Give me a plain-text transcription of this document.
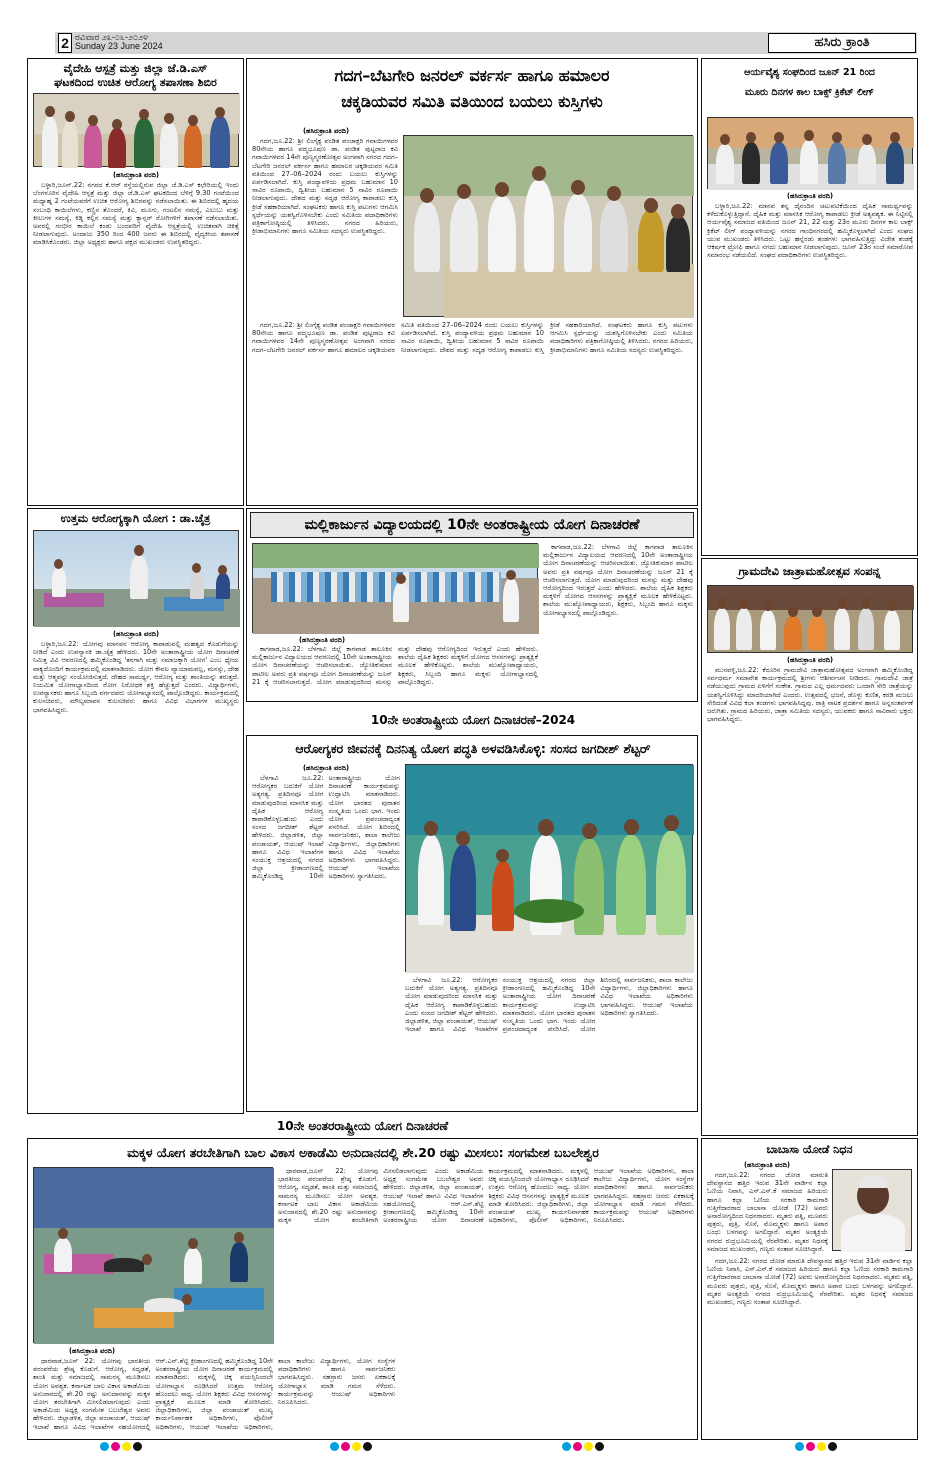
2 ರವಿವಾರ ೨೩-೦೬-೨೦೨೪
Sunday 23 June 2024	ಹಸಿರು ಕ್ರಾಂತಿ
ವೈದೇಹಿ ಆಸ್ಪತ್ರೆ ಮತ್ತು ಜಿಲ್ಲಾ ಜೆ.ಡಿ.ಎಸ್
ಘಟಕದಿಂದ ಉಚಿತ ಆರೋಗ್ಯ ತಪಾಸಣಾ ಶಿಬಿರ
(ಹಸಿರುಕ್ರಾಂತಿ ವರದಿ)

ಬಳ್ಳಾರಿ,ಜೂನ್.22: ನಗರದ ಕೆ.ಆರ್ ರಸ್ತೆಯಲ್ಲಿರುವ ಜಿಲ್ಲಾ ಜೆ.ಡಿ.ಎಸ್ ಕಛೇರಿಯಲ್ಲಿ ಇಂದು ಬೆಂಗಳೂರಿನ ವೈದೇಹಿ ಆಸ್ಪತ್ರೆ ಮತ್ತು ಜಿಲ್ಲಾ ಜೆ.ಡಿ.ಎಸ್ ಘಟಕದಿಂದ ಬೆಳಿಗ್ಗೆ 9.30 ಗಂಟೆಯಿಂದ ಮಧ್ಯಾಹ್ನ 2 ಗಂಟೆಯವರೆಗೆ ಉಚಿತ ಆರೋಗ್ಯ ಶಿಬಿರವನ್ನು ನಡೆಸಲಾಯಿತು. ಈ ಶಿಬಿರದಲ್ಲಿ ಹೃದಯ ಸಂಬಂಧಿ ಕಾಯಿಲೆಗಳು, ಕಣ್ಣಿನ ತೊಂದರೆ, ಕಿವಿ, ಮೂಗು, ಗಂಟಲಿನ ಸಮಸ್ಯೆ, ಎಲುಬು ಮತ್ತು ಕೀಲುಗಳ ಸಮಸ್ಯೆ, ಕಿಡ್ನಿ ಕಲ್ಲಿನ ಸಮಸ್ಯೆ ಮತ್ತು ಕ್ಯಾನ್ಸರ್ ರೋಗಿಗಳಿಗೆ ತಪಾಸಣೆ ನಡೆಸಲಾಯಿತು. ಅವರಲ್ಲಿ ಗಂಭೀರ ಕಾಯಿಲೆ ಕಂಡು ಬಂದವರಿಗೆ ವೈದೇಹಿ ಆಸ್ಪತ್ರೆಯಲ್ಲಿ ಉಚಿತವಾಗಿ ಚಿಕಿತ್ಸೆ ನೀಡಲಾಗುವುದು. ಅಂದಾಜು 350 ರಿಂದ 400 ಜನರು ಈ ಶಿಬಿರದಲ್ಲಿ ವೈದ್ಯಕೀಯ ತಪಾಸಣೆ ಮಾಡಿಸಿಕೊಂಡರು. ಜಿಲ್ಲಾ ಅಧ್ಯಕ್ಷರು ಹಾಗೂ ಪಕ್ಷದ ಮುಖಂಡರು ಉಪಸ್ಥಿತರಿದ್ದರು.

ಉತ್ತಮ ಆರೋಗ್ಯಕ್ಕಾಗಿ ಯೋಗ : ಡಾ.ಚೈತ್ರ
(ಹಸಿರುಕ್ರಾಂತಿ ವರದಿ)

ಬಳ್ಳಾರಿ,ಜೂ.22: ಯೋಗವು ಮಾನವನ ಆರೋಗ್ಯ ಕಾಪಾಡುವಲ್ಲಿ ಮಹತ್ವದ ಕೊಡುಗೆಯನ್ನು ನೀಡಿದೆ ಎಂದು ಉಪನ್ಯಾಸಕಿ ಡಾ.ಚೈತ್ರ ಹೇಳಿದರು. 10ನೇ ಅಂತಾರಾಷ್ಟ್ರೀಯ ಯೋಗ ದಿನಾಚರಣೆ ನಿಮಿತ್ತ ವಿವಿ ಆವರಣದಲ್ಲಿ ಹಮ್ಮಿಕೊಂಡಿದ್ದ 'ತನಗಾಗಿ ಮತ್ತು ಸಮಾಜಕ್ಕಾಗಿ ಯೋಗ' ಎಂಬ ಧ್ಯೇಯ ವಾಕ್ಯದೊಂದಿಗೆ ಕಾರ್ಯಕ್ರಮದಲ್ಲಿ ಮಾತನಾಡಿದರು. ಯೋಗ ಕೇವಲ ವ್ಯಾಯಾಮವಲ್ಲ, ಮನಸ್ಸು, ದೇಹ ಮತ್ತು ಆತ್ಮವನ್ನು ಸಂಯೋಜಿಸುತ್ತದೆ. ದೇಹದ ಸಾಮರ್ಥ್ಯ, ಆರೋಗ್ಯ ಮತ್ತು ಶಾಂತಿಯನ್ನು ತರುತ್ತದೆ. ನಿಯಮಿತ ಯೋಗಾಭ್ಯಾಸದಿಂದ ರೋಗ ನಿರೋಧಕ ಶಕ್ತಿ ಹೆಚ್ಚುತ್ತದೆ ಎಂದರು. ವಿದ್ಯಾರ್ಥಿಗಳು, ಉಪನ್ಯಾಸಕರು ಹಾಗೂ ಸಿಬ್ಬಂದಿ ವರ್ಗದವರು ಯೋಗಾಭ್ಯಾಸದಲ್ಲಿ ಪಾಲ್ಗೊಂಡಿದ್ದರು. ಕಾರ್ಯಕ್ರಮದಲ್ಲಿ ಕುಲಸಚಿವರು, ಮೌಲ್ಯಮಾಪನ ಕುಲಸಚಿವರು ಹಾಗೂ ವಿವಿಧ ವಿಭಾಗಗಳ ಮುಖ್ಯಸ್ಥರು ಭಾಗವಹಿಸಿದ್ದರು.

ಗದಗ–ಬೆಟಗೇರಿ ಜನರಲ್ ವರ್ಕರ್ಸ ಹಾಗೂ ಹಮಾಲರ
ಚಕ್ಕಡಿಯವರ ಸಮಿತಿ ವತಿಯಿಂದ ಬಯಲು ಕುಸ್ತಿಗಳು
(ಹಸಿರುಕ್ರಾಂತಿ ವರದಿ)

ಗದಗ,ಜೂ.22: ಶ್ರೀ ಲಿಂಗೈಕ್ಯ ಪಂಡಿತ ಪಂಚಾಕ್ಷರಿ ಗವಾಯಿಗಳವರ 80ನೇಯ ಹಾಗೂ ಪದ್ಮಭೂಷಣ ಡಾ. ಪಂಡಿತ ಪುಟ್ಟರಾಜ ಕವಿ ಗವಾಯಿಗಳವರ 14ನೇ ಪುಣ್ಯಸ್ಮರಣೋತ್ಸವ ಅಂಗವಾಗಿ ನಗರದ ಗದಗ–ಬೆಟಗೇರಿ ಜನರಲ್ ವರ್ಕರ್ಸ ಹಾಗೂ ಹಮಾಲರ ಚಕ್ಕಡಿಯವರ ಸಮಿತಿ ವತಿಯಿಂದ 27–06–2024 ರಂದು ಬಯಲು ಕುಸ್ತಿಗಳನ್ನು ಏರ್ಪಡಿಸಲಾಗಿದೆ. ಕುಸ್ತಿ ಪಂದ್ಯಾವಳಿಯ ಪ್ರಥಮ ಬಹುಮಾನ 10 ಸಾವಿರ ರೂಪಾಯಿ, ದ್ವಿತೀಯ ಬಹುಮಾನ 5 ಸಾವಿರ ರೂಪಾಯಿ ನೀಡಲಾಗುವುದು. ದೇಶದ ಮತ್ತು ಸದೃಢ ಆರೋಗ್ಯ ಕಾಪಾಡಲು ಕುಸ್ತಿ ಕ್ರೀಡೆ ಸಹಕಾರಿಯಾಗಿದೆ. ಸಂಘಟಕರು ಹಾಗೂ ಕುಸ್ತಿ ಪಟುಗಳು ಆಗಮಿಸಿ ಸ್ಪರ್ಧೆಯನ್ನು ಯಶಸ್ವಿಗೊಳಿಸಬೇಕು ಎಂದು ಸಮಿತಿಯ ಪದಾಧಿಕಾರಿಗಳು ಪತ್ರಿಕಾಗೋಷ್ಠಿಯಲ್ಲಿ ತಿಳಿಸಿದರು. ನಗರದ ಹಿರಿಯರು, ಕ್ರೀಡಾಭಿಮಾನಿಗಳು ಹಾಗೂ ಸಮಿತಿಯ ಸದಸ್ಯರು ಉಪಸ್ಥಿತರಿದ್ದರು.

ಗದಗ,ಜೂ.22: ಶ್ರೀ ಲಿಂಗೈಕ್ಯ ಪಂಡಿತ ಪಂಚಾಕ್ಷರಿ ಗವಾಯಿಗಳವರ 80ನೇಯ ಹಾಗೂ ಪದ್ಮಭೂಷಣ ಡಾ. ಪಂಡಿತ ಪುಟ್ಟರಾಜ ಕವಿ ಗವಾಯಿಗಳವರ 14ನೇ ಪುಣ್ಯಸ್ಮರಣೋತ್ಸವ ಅಂಗವಾಗಿ ನಗರದ ಗದಗ–ಬೆಟಗೇರಿ ಜನರಲ್ ವರ್ಕರ್ಸ ಹಾಗೂ ಹಮಾಲರ ಚಕ್ಕಡಿಯವರ ಸಮಿತಿ ವತಿಯಿಂದ 27–06–2024 ರಂದು ಬಯಲು ಕುಸ್ತಿಗಳನ್ನು ಏರ್ಪಡಿಸಲಾಗಿದೆ. ಕುಸ್ತಿ ಪಂದ್ಯಾವಳಿಯ ಪ್ರಥಮ ಬಹುಮಾನ 10 ಸಾವಿರ ರೂಪಾಯಿ, ದ್ವಿತೀಯ ಬಹುಮಾನ 5 ಸಾವಿರ ರೂಪಾಯಿ ನೀಡಲಾಗುವುದು. ದೇಶದ ಮತ್ತು ಸದೃಢ ಆರೋಗ್ಯ ಕಾಪಾಡಲು ಕುಸ್ತಿ ಕ್ರೀಡೆ ಸಹಕಾರಿಯಾಗಿದೆ. ಸಂಘಟಕರು ಹಾಗೂ ಕುಸ್ತಿ ಪಟುಗಳು ಆಗಮಿಸಿ ಸ್ಪರ್ಧೆಯನ್ನು ಯಶಸ್ವಿಗೊಳಿಸಬೇಕು ಎಂದು ಸಮಿತಿಯ ಪದಾಧಿಕಾರಿಗಳು ಪತ್ರಿಕಾಗೋಷ್ಠಿಯಲ್ಲಿ ತಿಳಿಸಿದರು. ನಗರದ ಹಿರಿಯರು, ಕ್ರೀಡಾಭಿಮಾನಿಗಳು ಹಾಗೂ ಸಮಿತಿಯ ಸದಸ್ಯರು ಉಪಸ್ಥಿತರಿದ್ದರು.

ಮಲ್ಲಿಕಾರ್ಜುನ ವಿದ್ಯಾಲಯದಲ್ಲಿ 10ನೇ ಅಂತರಾಷ್ಟ್ರೀಯ ಯೋಗ ದಿನಾಚರಣೆ
(ಹಸಿರುಕ್ರಾಂತಿ ವರದಿ)

ಕಾಗವಾಡ,ಜೂ.22: ಬೆಳಗಾವಿ ಜಿಲ್ಲೆ ಕಾಗವಾಡ ತಾಲೂಕಿನ ಮಲ್ಲಿಕಾರ್ಜುನ ವಿದ್ಯಾಲಯದ ಆವರಣದಲ್ಲಿ 10ನೇ ಅಂತಾರಾಷ್ಟ್ರೀಯ ಯೋಗ ದಿನಾಚರಣೆಯನ್ನು ಆಚರಿಸಲಾಯಿತು. ಜ್ಯೋತಿಕುಮಾರ ಪಾಟೀಲ ಅವರು ಪ್ರತಿ ವರ್ಷವೂ ಯೋಗ ದಿನಾಚರಣೆಯನ್ನು ಜೂನ್ 21 ಕ್ಕೆ ಆಚರಿಸಲಾಗುತ್ತದೆ. ಯೋಗ ಮಾಡುವುದರಿಂದ ಮನಸ್ಸು ಮತ್ತು ದೇಹವು ಆರೋಗ್ಯದಿಂದ ಇರುತ್ತದೆ ಎಂದು ಹೇಳಿದರು. ಶಾಲೆಯ ದೈಹಿಕ ಶಿಕ್ಷಕರು ಮಕ್ಕಳಿಗೆ ಯೋಗದ ಆಸನಗಳನ್ನು ಪ್ರಾತ್ಯಕ್ಷಿಕೆ ಮೂಲಕ ಹೇಳಿಕೊಟ್ಟರು. ಶಾಲೆಯ ಮುಖ್ಯೋಪಾಧ್ಯಾಯರು, ಶಿಕ್ಷಕರು, ಸಿಬ್ಬಂದಿ ಹಾಗೂ ಮಕ್ಕಳು ಯೋಗಾಭ್ಯಾಸದಲ್ಲಿ ಪಾಲ್ಗೊಂಡಿದ್ದರು.

ಕಾಗವಾಡ,ಜೂ.22: ಬೆಳಗಾವಿ ಜಿಲ್ಲೆ ಕಾಗವಾಡ ತಾಲೂಕಿನ ಮಲ್ಲಿಕಾರ್ಜುನ ವಿದ್ಯಾಲಯದ ಆವರಣದಲ್ಲಿ 10ನೇ ಅಂತಾರಾಷ್ಟ್ರೀಯ ಯೋಗ ದಿನಾಚರಣೆಯನ್ನು ಆಚರಿಸಲಾಯಿತು. ಜ್ಯೋತಿಕುಮಾರ ಪಾಟೀಲ ಅವರು ಪ್ರತಿ ವರ್ಷವೂ ಯೋಗ ದಿನಾಚರಣೆಯನ್ನು ಜೂನ್ 21 ಕ್ಕೆ ಆಚರಿಸಲಾಗುತ್ತದೆ. ಯೋಗ ಮಾಡುವುದರಿಂದ ಮನಸ್ಸು ಮತ್ತು ದೇಹವು ಆರೋಗ್ಯದಿಂದ ಇರುತ್ತದೆ ಎಂದು ಹೇಳಿದರು. ಶಾಲೆಯ ದೈಹಿಕ ಶಿಕ್ಷಕರು ಮಕ್ಕಳಿಗೆ ಯೋಗದ ಆಸನಗಳನ್ನು ಪ್ರಾತ್ಯಕ್ಷಿಕೆ ಮೂಲಕ ಹೇಳಿಕೊಟ್ಟರು. ಶಾಲೆಯ ಮುಖ್ಯೋಪಾಧ್ಯಾಯರು, ಶಿಕ್ಷಕರು, ಸಿಬ್ಬಂದಿ ಹಾಗೂ ಮಕ್ಕಳು ಯೋಗಾಭ್ಯಾಸದಲ್ಲಿ ಪಾಲ್ಗೊಂಡಿದ್ದರು.

10ನೇ ಅಂತರಾಷ್ಟ್ರೀಯ ಯೋಗ ದಿನಾಚರಣೆ–2024
ಆರೋಗ್ಯಕರ ಜೀವನಕ್ಕೆ ದಿನನಿತ್ಯ ಯೋಗ ಪದ್ಧತಿ ಅಳವಡಿಸಿಕೊಳ್ಳಿ: ಸಂಸದ ಜಗದೀಶ್ ಶೆಟ್ಟರ್
(ಹಸಿರುಕ್ರಾಂತಿ ವರದಿ)

ಬೆಳಗಾವಿ ಜೂ.22: ಆರೋಗ್ಯಕರ ಬದುಕಿಗೆ ಯೋಗ ಅತ್ಯಗತ್ಯ. ಪ್ರತಿದಿನವೂ ಯೋಗ ಮಾಡುವುದರಿಂದ ಮಾನಸಿಕ ಮತ್ತು ದೈಹಿಕ ಆರೋಗ್ಯ ಕಾಪಾಡಿಕೊಳ್ಳಬಹುದು ಎಂದು ಸಂಸದ ಜಗದೀಶ್ ಶೆಟ್ಟರ್ ಹೇಳಿದರು. ಜಿಲ್ಲಾಡಳಿತ, ಜಿಲ್ಲಾ ಪಂಚಾಯತ್, ಆಯುಷ್ ಇಲಾಖೆ ಹಾಗೂ ವಿವಿಧ ಇಲಾಖೆಗಳ ಸಂಯುಕ್ತ ಆಶ್ರಯದಲ್ಲಿ ನಗರದ ಜಿಲ್ಲಾ ಕ್ರೀಡಾಂಗಣದಲ್ಲಿ ಹಮ್ಮಿಕೊಂಡಿದ್ದ 10ನೇ ಅಂತಾರಾಷ್ಟ್ರೀಯ ಯೋಗ ದಿನಾಚರಣೆ ಕಾರ್ಯಕ್ರಮವನ್ನು ಉದ್ಘಾಟಿಸಿ ಮಾತನಾಡಿದರು. ಯೋಗ ಭಾರತದ ಪುರಾತನ ಸಂಸ್ಕೃತಿಯ ಒಂದು ಭಾಗ. ಇಂದು ಯೋಗ ಪ್ರಪಂಚದಾದ್ಯಂತ ಪಸರಿಸಿದೆ. ಯೋಗ ಶಿಬಿರದಲ್ಲಿ ಸಾರ್ವಜನಿಕರು, ಶಾಲಾ ಕಾಲೇಜು ವಿದ್ಯಾರ್ಥಿಗಳು, ಜಿಲ್ಲಾಧಿಕಾರಿಗಳು ಹಾಗೂ ವಿವಿಧ ಇಲಾಖೆಯ ಅಧಿಕಾರಿಗಳು ಭಾಗವಹಿಸಿದ್ದರು. ಆಯುಷ್ ಇಲಾಖೆಯ ಅಧಿಕಾರಿಗಳು ಸ್ವಾಗತಿಸಿದರು.

ಬೆಳಗಾವಿ ಜೂ.22: ಆರೋಗ್ಯಕರ ಬದುಕಿಗೆ ಯೋಗ ಅತ್ಯಗತ್ಯ. ಪ್ರತಿದಿನವೂ ಯೋಗ ಮಾಡುವುದರಿಂದ ಮಾನಸಿಕ ಮತ್ತು ದೈಹಿಕ ಆರೋಗ್ಯ ಕಾಪಾಡಿಕೊಳ್ಳಬಹುದು ಎಂದು ಸಂಸದ ಜಗದೀಶ್ ಶೆಟ್ಟರ್ ಹೇಳಿದರು. ಜಿಲ್ಲಾಡಳಿತ, ಜಿಲ್ಲಾ ಪಂಚಾಯತ್, ಆಯುಷ್ ಇಲಾಖೆ ಹಾಗೂ ವಿವಿಧ ಇಲಾಖೆಗಳ ಸಂಯುಕ್ತ ಆಶ್ರಯದಲ್ಲಿ ನಗರದ ಜಿಲ್ಲಾ ಕ್ರೀಡಾಂಗಣದಲ್ಲಿ ಹಮ್ಮಿಕೊಂಡಿದ್ದ 10ನೇ ಅಂತಾರಾಷ್ಟ್ರೀಯ ಯೋಗ ದಿನಾಚರಣೆ ಕಾರ್ಯಕ್ರಮವನ್ನು ಉದ್ಘಾಟಿಸಿ ಮಾತನಾಡಿದರು. ಯೋಗ ಭಾರತದ ಪುರಾತನ ಸಂಸ್ಕೃತಿಯ ಒಂದು ಭಾಗ. ಇಂದು ಯೋಗ ಪ್ರಪಂಚದಾದ್ಯಂತ ಪಸರಿಸಿದೆ. ಯೋಗ ಶಿಬಿರದಲ್ಲಿ ಸಾರ್ವಜನಿಕರು, ಶಾಲಾ ಕಾಲೇಜು ವಿದ್ಯಾರ್ಥಿಗಳು, ಜಿಲ್ಲಾಧಿಕಾರಿಗಳು ಹಾಗೂ ವಿವಿಧ ಇಲಾಖೆಯ ಅಧಿಕಾರಿಗಳು ಭಾಗವಹಿಸಿದ್ದರು. ಆಯುಷ್ ಇಲಾಖೆಯ ಅಧಿಕಾರಿಗಳು ಸ್ವಾಗತಿಸಿದರು.

ಆರ್ಯವೈಶ್ಯ ಸಂಘದಿಂದ ಜೂನ್ 21 ರಿಂದ
ಮೂರು ದಿನಗಳ ಕಾಲ ಬಾಕ್ಸ್ ಕ್ರಿಕೆಟ್ ಲೀಗ್
(ಹಸಿರುಕ್ರಾಂತಿ ವರದಿ)

ಬಳ್ಳಾರಿ,ಜೂ.22: ಮಾನವ ತನ್ನ ದೈನಂದಿನ ಚಟುವಟಿಕೆಯಿಂದ ದೈಹಿಕ ಸಾಮರ್ಥ್ಯವನ್ನು ಕಳೆದುಕೊಳ್ಳುತ್ತಿದ್ದಾನೆ. ದೈಹಿಕ ಮತ್ತು ಮಾನಸಿಕ ಆರೋಗ್ಯ ಕಾಪಾಡಲು ಕ್ರೀಡೆ ಅತ್ಯವಶ್ಯಕ. ಈ ನಿಟ್ಟಿನಲ್ಲಿ ಆರ್ಯವೈಶ್ಯ ಸಮಾಜದ ವತಿಯಿಂದ ಜೂನ್ 21, 22 ಮತ್ತು 23ರ ಮೂರು ದಿನಗಳ ಕಾಲ ಬಾಕ್ಸ್ ಕ್ರಿಕೆಟ್ ಲೀಗ್ ಪಂದ್ಯಾವಳಿಯನ್ನು ನಗರದ ಗಾಂಧಿನಗರದಲ್ಲಿ ಹಮ್ಮಿಕೊಳ್ಳಲಾಗಿದೆ ಎಂದು ಸಂಘದ ಯುವ ಮುಖಂಡರು ತಿಳಿಸಿದರು. ಒಟ್ಟು ಹನ್ನೆರಡು ತಂಡಗಳು ಭಾಗವಹಿಸುತ್ತಿದ್ದು ವಿಜೇತ ತಂಡಕ್ಕೆ ಆಕರ್ಷಕ ಟ್ರೋಫಿ ಹಾಗೂ ನಗದು ಬಹುಮಾನ ನೀಡಲಾಗುವುದು. ಜೂನ್ 23ರ ಸಂಜೆ ಸಮಾರೋಪ ಸಮಾರಂಭ ನಡೆಯಲಿದೆ. ಸಂಘದ ಪದಾಧಿಕಾರಿಗಳು ಉಪಸ್ಥಿತರಿದ್ದರು.

ಗ್ರಾಮದೇವಿ ಜಾತ್ರಾಮಹೋತ್ಸವ ಸಂಪನ್ನ
(ಹಸಿರುಕ್ರಾಂತಿ ವರದಿ)

ಮುನವಳ್ಳಿ,ಜೂ.22: ಕೆರೂರಿನ ಗ್ರಾಮದೇವಿ ಜಾತ್ರಾಮಹೋತ್ಸವದ ಅಂಗವಾಗಿ ಹಮ್ಮಿಕೊಂಡಿದ್ದ ಸರ್ವಧರ್ಮ ಸಮಾವೇಶ ಕಾರ್ಯಕ್ರಮದಲ್ಲಿ ಶ್ರೀಗಳು ಆಶೀರ್ವಚನ ನೀಡಿದರು. ಗ್ರಾಮದೇವಿ ಜಾತ್ರೆ ನಡೆಯುವುದು ಗ್ರಾಮದ ಏಳಿಗೆಗೆ ಸಂಕೇತ. ಗ್ರಾಮದ ಎಲ್ಲ ಧರ್ಮದವರು ಒಂದಾಗಿ ಸೇರಿ ಜಾತ್ರೆಯನ್ನು ಯಶಸ್ವಿಗೊಳಿಸಿದ್ದು ಮಾದರಿಯಾಗಿದೆ ಎಂದರು. ಉತ್ಸವದಲ್ಲಿ ಭಜನೆ, ಡೊಳ್ಳು ಕುಣಿತ, ಕರಡಿ ಮಜಲು ಸೇರಿದಂತೆ ವಿವಿಧ ಕಲಾ ತಂಡಗಳು ಭಾಗವಹಿಸಿದ್ದವು. ರಾತ್ರಿ ನಾಟಕ ಪ್ರದರ್ಶನ ಹಾಗೂ ಅನ್ನಸಂತರ್ಪಣೆ ಜರುಗಿತು. ಗ್ರಾಮದ ಹಿರಿಯರು, ಜಾತ್ರಾ ಸಮಿತಿಯ ಸದಸ್ಯರು, ಯುವಕರು ಹಾಗೂ ಸಾವಿರಾರು ಭಕ್ತರು ಭಾಗವಹಿಸಿದ್ದರು.

ಬಾಬಾಸಾ ಯೋಡೆ ನಿಧನ
(ಹಸಿರುಕ್ರಾಂತಿ ವರದಿ)

ಗದಗ,ಜೂ.22: ನಗರದ ಜೋಡ ಮಾರುತಿ ದೇವಸ್ಥಾನದ ಹತ್ತಿರ ಇರುವ 31ನೇ ವಾರ್ಡಿನ ಕಲ್ಲಾ ಓಣಿಯ ನಿವಾಸಿ, ಎಸ್.ಎಸ್.ಕೆ ಸಮಾಜದ ಹಿರಿಯರು ಹಾಗೂ ಕಲ್ಲಾ ಓಣಿಯ ಸರಕಾರಿ ಕಾಮಗಾರಿ ಗುತ್ತಿಗೆದಾರರಾದ ಬಾಬಾಸಾ ಯೋಡೆ (72) ಅವರು ಅನಾರೋಗ್ಯದಿಂದ ನಿಧನರಾದರು. ಮೃತರು ಪತ್ನಿ, ಮೂವರು ಪುತ್ರರು, ಪುತ್ರಿ, ಸೊಸೆ, ಮೊಮ್ಮಕ್ಕಳು ಹಾಗೂ ಅಪಾರ ಬಂಧು ಬಳಗವನ್ನು ಅಗಲಿದ್ದಾರೆ. ಮೃತರ ಅಂತ್ಯಕ್ರಿಯೆ ನಗರದ ರುದ್ರಭೂಮಿಯಲ್ಲಿ ನೆರವೇರಿತು. ಮೃತರ ನಿಧನಕ್ಕೆ ಸಮಾಜದ ಮುಖಂಡರು, ಗಣ್ಯರು ಸಂತಾಪ ಸೂಚಿಸಿದ್ದಾರೆ.

ಗದಗ,ಜೂ.22: ನಗರದ ಜೋಡ ಮಾರುತಿ ದೇವಸ್ಥಾನದ ಹತ್ತಿರ ಇರುವ 31ನೇ ವಾರ್ಡಿನ ಕಲ್ಲಾ ಓಣಿಯ ನಿವಾಸಿ, ಎಸ್.ಎಸ್.ಕೆ ಸಮಾಜದ ಹಿರಿಯರು ಹಾಗೂ ಕಲ್ಲಾ ಓಣಿಯ ಸರಕಾರಿ ಕಾಮಗಾರಿ ಗುತ್ತಿಗೆದಾರರಾದ ಬಾಬಾಸಾ ಯೋಡೆ (72) ಅವರು ಅನಾರೋಗ್ಯದಿಂದ ನಿಧನರಾದರು. ಮೃತರು ಪತ್ನಿ, ಮೂವರು ಪುತ್ರರು, ಪುತ್ರಿ, ಸೊಸೆ, ಮೊಮ್ಮಕ್ಕಳು ಹಾಗೂ ಅಪಾರ ಬಂಧು ಬಳಗವನ್ನು ಅಗಲಿದ್ದಾರೆ. ಮೃತರ ಅಂತ್ಯಕ್ರಿಯೆ ನಗರದ ರುದ್ರಭೂಮಿಯಲ್ಲಿ ನೆರವೇರಿತು. ಮೃತರ ನಿಧನಕ್ಕೆ ಸಮಾಜದ ಮುಖಂಡರು, ಗಣ್ಯರು ಸಂತಾಪ ಸೂಚಿಸಿದ್ದಾರೆ.

10ನೇ ಅಂತರರಾಷ್ಟ್ರೀಯ ಯೋಗ ದಿನಾಚರಣೆ
ಮಕ್ಕಳ ಯೋಗ ತರಬೇತಿಗಾಗಿ ಬಾಲ ವಿಕಾಸ ಅಕಾಡೆಮಿ ಅನುದಾನದಲ್ಲಿ ಶೇ.20 ರಷ್ಟು ಮೀಸಲು: ಸಂಗಮೇಶ ಬಬಲೇಶ್ವರ
(ಹಸಿರುಕ್ರಾಂತಿ ವರದಿ)

ಧಾರವಾಡ,ಜೂನ್ 22: ಯೋಗವು ಭಾರತೀಯ ಪರಂಪರೆಯ ಶ್ರೇಷ್ಠ ಕೊಡುಗೆ. ಆರೋಗ್ಯ, ಸದೃಢತೆ, ಶಾಂತಿ ಮತ್ತು ಸಮಾಜದಲ್ಲಿ ಸಾಮರಸ್ಯ ಮೂಡಿಸಲು ಯೋಗ ಅವಶ್ಯಕ. ಕರ್ನಾಟಕ ಬಾಲ ವಿಕಾಸ ಅಕಾಡೆಮಿಯ ಅನುದಾನದಲ್ಲಿ ಶೇ.20 ರಷ್ಟು ಅನುದಾನವನ್ನು ಮಕ್ಕಳ ಯೋಗ ತರಬೇತಿಗಾಗಿ ಮೀಸಲಿಡಲಾಗುವುದು ಎಂದು ಅಕಾಡೆಮಿಯ ಅಧ್ಯಕ್ಷ ಸಂಗಮೇಶ ಬಬಲೇಶ್ವರ ಅವರು ಹೇಳಿದರು. ಜಿಲ್ಲಾಡಳಿತ, ಜಿಲ್ಲಾ ಪಂಚಾಯತ್, ಆಯುಷ್ ಇಲಾಖೆ ಹಾಗೂ ವಿವಿಧ ಇಲಾಖೆಗಳ ಸಹಯೋಗದಲ್ಲಿ ಆರ್.ಎನ್.ಶೆಟ್ಟಿ ಕ್ರೀಡಾಂಗಣದಲ್ಲಿ ಹಮ್ಮಿಕೊಂಡಿದ್ದ 10ನೇ ಅಂತರರಾಷ್ಟ್ರೀಯ ಯೋಗ ದಿನಾಚರಣೆ ಕಾರ್ಯಕ್ರಮದಲ್ಲಿ ಮಾತನಾಡಿದರು. ಮಕ್ಕಳಲ್ಲಿ ಚಿಕ್ಕ ವಯಸ್ಸಿನಿಂದಲೇ ಯೋಗಾಭ್ಯಾಸ ರೂಢಿಸಿದರೆ ಉತ್ತಮ ಆರೋಗ್ಯ ಹೊಂದಲು ಸಾಧ್ಯ. ಯೋಗ ಶಿಕ್ಷಕರು ವಿವಿಧ ಆಸನಗಳನ್ನು ಪ್ರಾತ್ಯಕ್ಷಿಕೆ ಮೂಲಕ ಮಾಡಿ ತೋರಿಸಿದರು. ಜಿಲ್ಲಾಧಿಕಾರಿಗಳು, ಜಿಲ್ಲಾ ಪಂಚಾಯತ್ ಮುಖ್ಯ ಕಾರ್ಯನಿರ್ವಾಹಕ ಅಧಿಕಾರಿಗಳು, ಪೊಲೀಸ್ ಅಧಿಕಾರಿಗಳು, ಆಯುಷ್ ಇಲಾಖೆಯ ಅಧಿಕಾರಿಗಳು, ಶಾಲಾ ಕಾಲೇಜು ವಿದ್ಯಾರ್ಥಿಗಳು, ಯೋಗ ಸಂಸ್ಥೆಗಳ ಪದಾಧಿಕಾರಿಗಳು ಹಾಗೂ ಸಾರ್ವಜನಿಕರು ಭಾಗವಹಿಸಿದ್ದರು. ಸಹಸ್ರಾರು ಜನರು ಏಕಕಾಲಕ್ಕೆ ಯೋಗಾಭ್ಯಾಸ ಮಾಡಿ ಗಮನ ಸೆಳೆದರು. ಕಾರ್ಯಕ್ರಮವನ್ನು ಆಯುಷ್ ಅಧಿಕಾರಿಗಳು ನಿರೂಪಿಸಿದರು.

ಧಾರವಾಡ,ಜೂನ್ 22: ಯೋಗವು ಭಾರತೀಯ ಪರಂಪರೆಯ ಶ್ರೇಷ್ಠ ಕೊಡುಗೆ. ಆರೋಗ್ಯ, ಸದೃಢತೆ, ಶಾಂತಿ ಮತ್ತು ಸಮಾಜದಲ್ಲಿ ಸಾಮರಸ್ಯ ಮೂಡಿಸಲು ಯೋಗ ಅವಶ್ಯಕ. ಕರ್ನಾಟಕ ಬಾಲ ವಿಕಾಸ ಅಕಾಡೆಮಿಯ ಅನುದಾನದಲ್ಲಿ ಶೇ.20 ರಷ್ಟು ಅನುದಾನವನ್ನು ಮಕ್ಕಳ ಯೋಗ ತರಬೇತಿಗಾಗಿ ಮೀಸಲಿಡಲಾಗುವುದು ಎಂದು ಅಕಾಡೆಮಿಯ ಅಧ್ಯಕ್ಷ ಸಂಗಮೇಶ ಬಬಲೇಶ್ವರ ಅವರು ಹೇಳಿದರು. ಜಿಲ್ಲಾಡಳಿತ, ಜಿಲ್ಲಾ ಪಂಚಾಯತ್, ಆಯುಷ್ ಇಲಾಖೆ ಹಾಗೂ ವಿವಿಧ ಇಲಾಖೆಗಳ ಸಹಯೋಗದಲ್ಲಿ ಆರ್.ಎನ್.ಶೆಟ್ಟಿ ಕ್ರೀಡಾಂಗಣದಲ್ಲಿ ಹಮ್ಮಿಕೊಂಡಿದ್ದ 10ನೇ ಅಂತರರಾಷ್ಟ್ರೀಯ ಯೋಗ ದಿನಾಚರಣೆ ಕಾರ್ಯಕ್ರಮದಲ್ಲಿ ಮಾತನಾಡಿದರು. ಮಕ್ಕಳಲ್ಲಿ ಚಿಕ್ಕ ವಯಸ್ಸಿನಿಂದಲೇ ಯೋಗಾಭ್ಯಾಸ ರೂಢಿಸಿದರೆ ಉತ್ತಮ ಆರೋಗ್ಯ ಹೊಂದಲು ಸಾಧ್ಯ. ಯೋಗ ಶಿಕ್ಷಕರು ವಿವಿಧ ಆಸನಗಳನ್ನು ಪ್ರಾತ್ಯಕ್ಷಿಕೆ ಮೂಲಕ ಮಾಡಿ ತೋರಿಸಿದರು. ಜಿಲ್ಲಾಧಿಕಾರಿಗಳು, ಜಿಲ್ಲಾ ಪಂಚಾಯತ್ ಮುಖ್ಯ ಕಾರ್ಯನಿರ್ವಾಹಕ ಅಧಿಕಾರಿಗಳು, ಪೊಲೀಸ್ ಅಧಿಕಾರಿಗಳು, ಆಯುಷ್ ಇಲಾಖೆಯ ಅಧಿಕಾರಿಗಳು, ಶಾಲಾ ಕಾಲೇಜು ವಿದ್ಯಾರ್ಥಿಗಳು, ಯೋಗ ಸಂಸ್ಥೆಗಳ ಪದಾಧಿಕಾರಿಗಳು ಹಾಗೂ ಸಾರ್ವಜನಿಕರು ಭಾಗವಹಿಸಿದ್ದರು. ಸಹಸ್ರಾರು ಜನರು ಏಕಕಾಲಕ್ಕೆ ಯೋಗಾಭ್ಯಾಸ ಮಾಡಿ ಗಮನ ಸೆಳೆದರು. ಕಾರ್ಯಕ್ರಮವನ್ನು ಆಯುಷ್ ಅಧಿಕಾರಿಗಳು ನಿರೂಪಿಸಿದರು.
